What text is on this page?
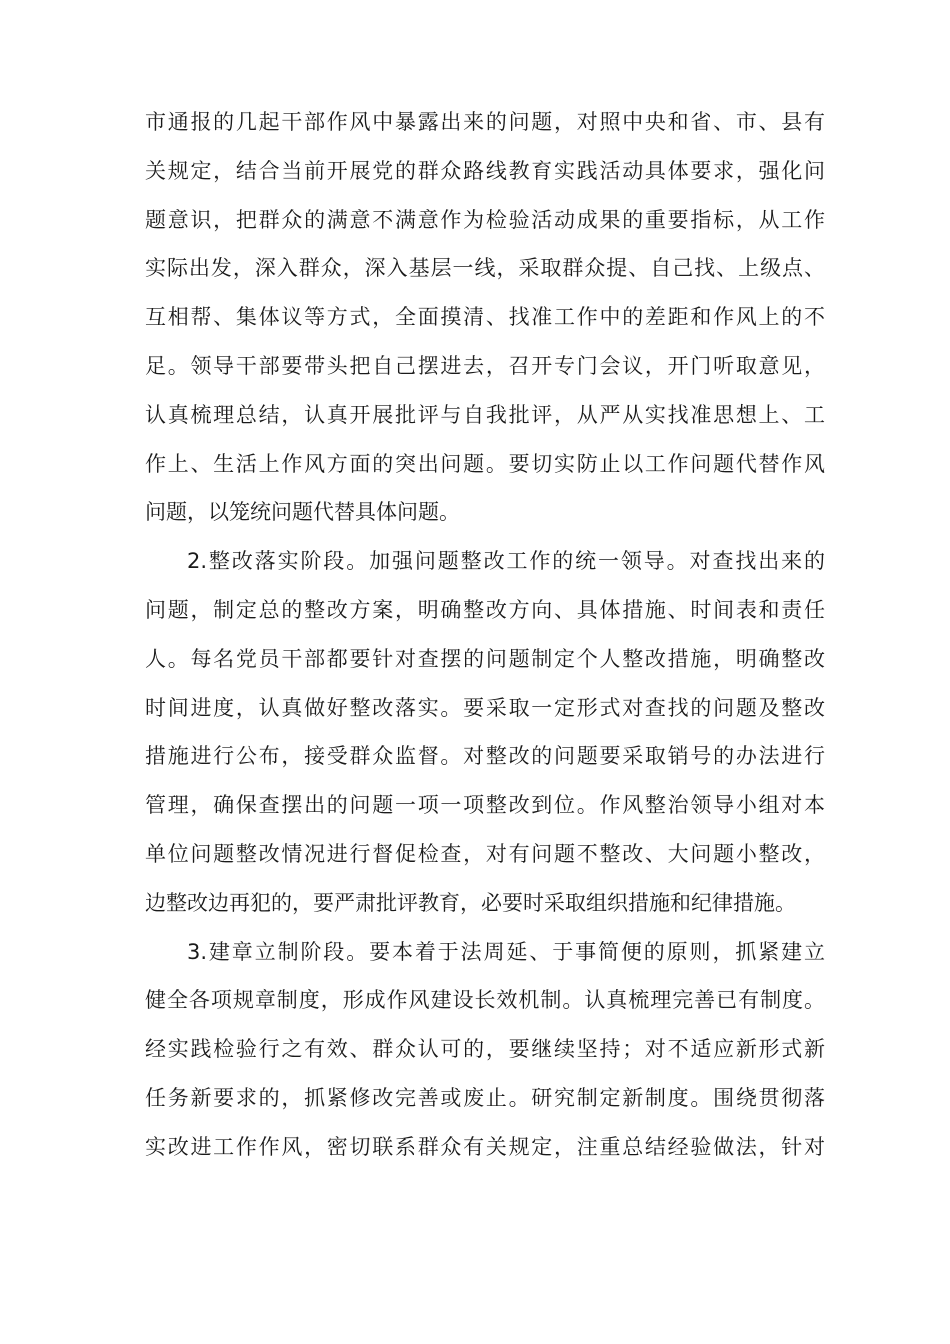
市通报的几起干部作风中暴露出来的问题，对照中央和省、市、县有
关规定，结合当前开展党的群众路线教育实践活动具体要求，强化问
题意识，把群众的满意不满意作为检验活动成果的重要指标，从工作
实际出发，深入群众，深入基层一线，采取群众提、自己找、上级点、
互相帮、集体议等方式，全面摸清、找准工作中的差距和作风上的不
足。领导干部要带头把自己摆进去，召开专门会议，开门听取意见，
认真梳理总结，认真开展批评与自我批评，从严从实找准思想上、工
作上、生活上作风方面的突出问题。要切实防止以工作问题代替作风
问题，以笼统问题代替具体问题。

2.整改落实阶段。加强问题整改工作的统一领导。对查找出来的
问题，制定总的整改方案，明确整改方向、具体措施、时间表和责任
人。每名党员干部都要针对查摆的问题制定个人整改措施，明确整改
时间进度，认真做好整改落实。要采取一定形式对查找的问题及整改
措施进行公布，接受群众监督。对整改的问题要采取销号的办法进行
管理，确保查摆出的问题一项一项整改到位。作风整治领导小组对本
单位问题整改情况进行督促检查，对有问题不整改、大问题小整改，
边整改边再犯的，要严肃批评教育，必要时采取组织措施和纪律措施。

3.建章立制阶段。要本着于法周延、于事简便的原则，抓紧建立
健全各项规章制度，形成作风建设长效机制。认真梳理完善已有制度。
经实践检验行之有效、群众认可的，要继续坚持；对不适应新形式新
任务新要求的，抓紧修改完善或废止。研究制定新制度。围绕贯彻落
实改进工作作风，密切联系群众有关规定，注重总结经验做法，针对
